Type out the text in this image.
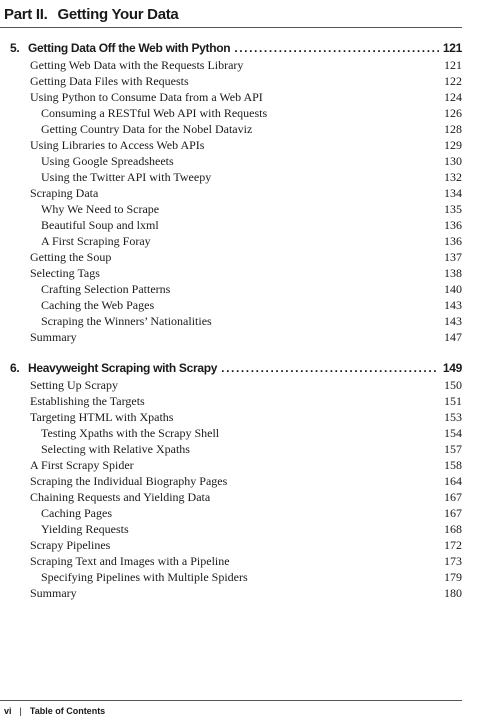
Part II. Getting Your Data
5. Getting Data Off the Web with Python .....	121
Getting Web Data with the Requests Library	121
Getting Data Files with Requests	122
Using Python to Consume Data from a Web API	124
Consuming a RESTful Web API with Requests	126
Getting Country Data for the Nobel Dataviz	128
Using Libraries to Access Web APIs	129
Using Google Spreadsheets	130
Using the Twitter API with Tweepy	132
Scraping Data	134
Why We Need to Scrape	135
Beautiful Soup and lxml	136
A First Scraping Foray	136
Getting the Soup	137
Selecting Tags	138
Crafting Selection Patterns	140
Caching the Web Pages	143
Scraping the Winners’ Nationalities	143
Summary	147
6. Heavyweight Scraping with Scrapy .....	149
Setting Up Scrapy	150
Establishing the Targets	151
Targeting HTML with Xpaths	153
Testing Xpaths with the Scrapy Shell	154
Selecting with Relative Xpaths	157
A First Scrapy Spider	158
Scraping the Individual Biography Pages	164
Chaining Requests and Yielding Data	167
Caching Pages	167
Yielding Requests	168
Scrapy Pipelines	172
Scraping Text and Images with a Pipeline	173
Specifying Pipelines with Multiple Spiders	179
Summary	180
vi | Table of Contents
